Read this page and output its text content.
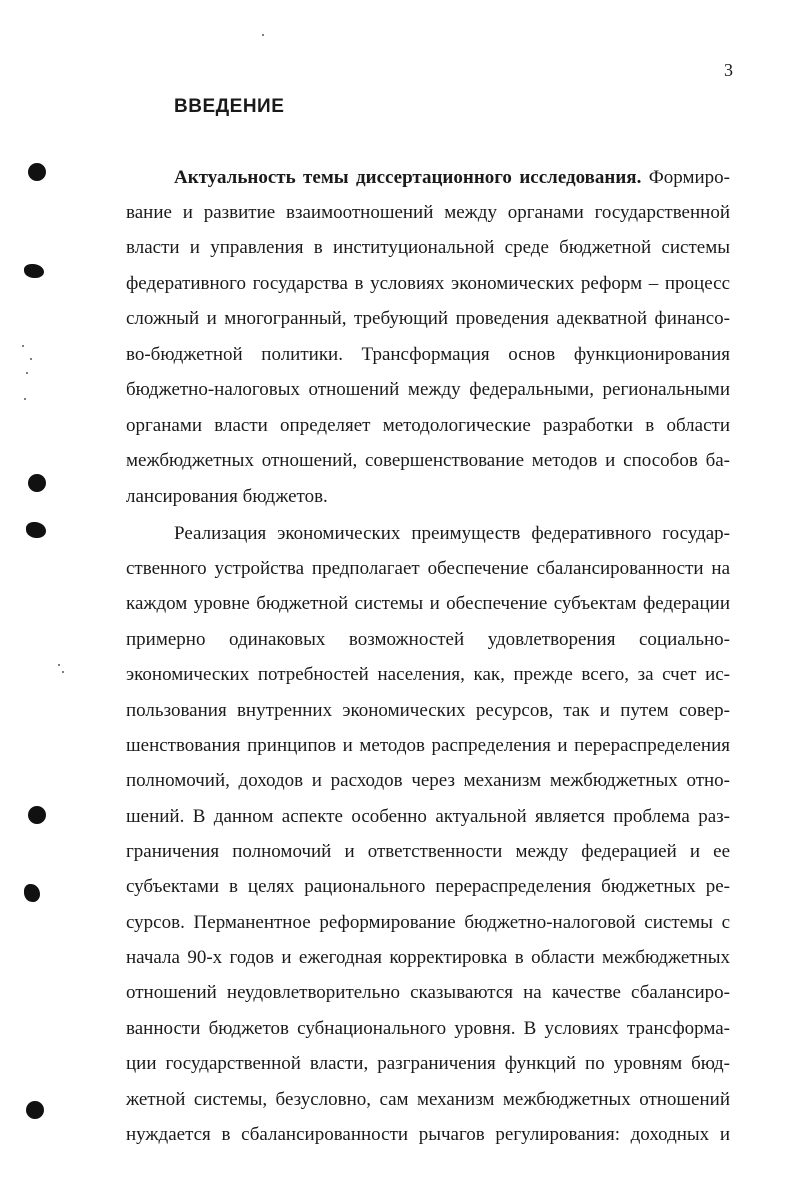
3
ВВЕДЕНИЕ
Актуальность темы диссертационного исследования. Формиро-
вание и развитие взаимоотношений между органами государственной
власти и управления в институциональной среде бюджетной системы
федеративного государства в условиях экономических реформ – процесс
сложный и многогранный, требующий проведения адекватной финансо-
во-бюджетной политики. Трансформация основ функционирования
бюджетно-налоговых отношений между федеральными, региональными
органами власти определяет методологические разработки в области
межбюджетных отношений, совершенствование методов и способов ба-
лансирования бюджетов.
Реализация экономических преимуществ федеративного государ-
ственного устройства предполагает обеспечение сбалансированности на
каждом уровне бюджетной системы и обеспечение субъектам федерации
примерно одинаковых возможностей удовлетворения социально-
экономических потребностей населения, как, прежде всего, за счет ис-
пользования внутренних экономических ресурсов, так и путем совер-
шенствования принципов и методов распределения и перераспределения
полномочий, доходов и расходов через механизм межбюджетных отно-
шений. В данном аспекте особенно актуальной является проблема раз-
граничения полномочий и ответственности между федерацией и ее
субъектами в целях рационального перераспределения бюджетных ре-
сурсов. Перманентное реформирование бюджетно-налоговой системы с
начала 90-х годов и ежегодная корректировка в области межбюджетных
отношений неудовлетворительно сказываются на качестве сбалансиро-
ванности бюджетов субнационального уровня. В условиях трансформа-
ции государственной власти, разграничения функций по уровням бюд-
жетной системы, безусловно, сам механизм межбюджетных отношений
нуждается в сбалансированности рычагов регулирования: доходных и
